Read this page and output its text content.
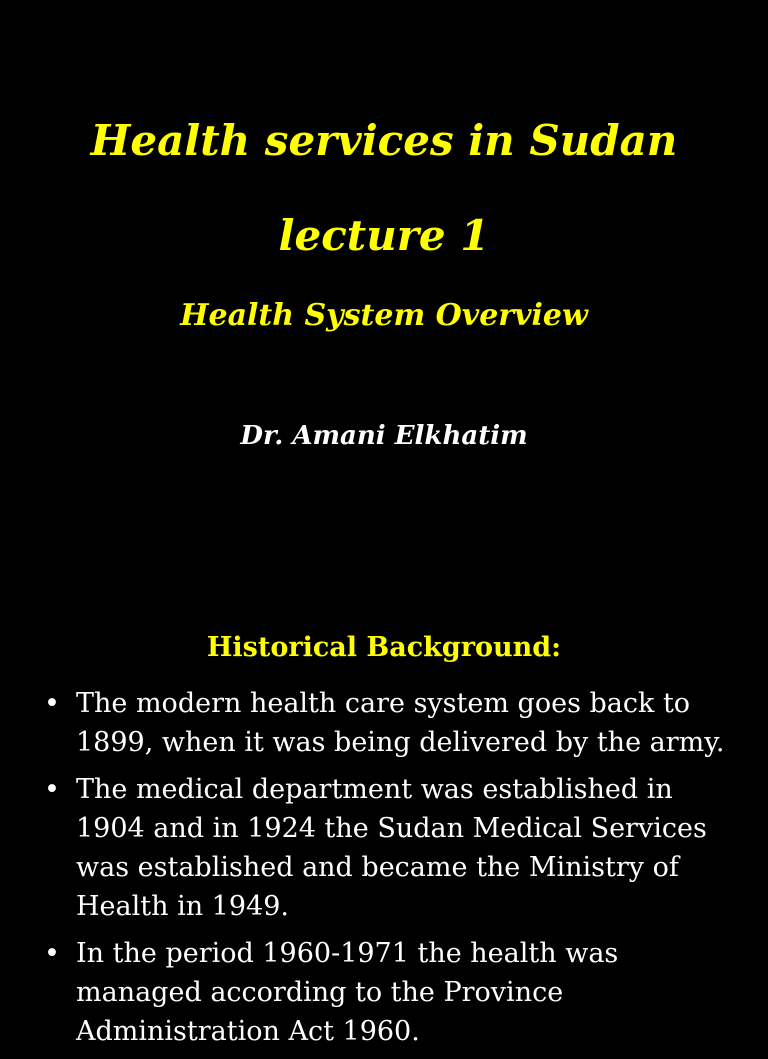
Health services in Sudan
lecture 1
Health System Overview

Dr. Amani Elkhatim

Historical Background:
• The modern health care system goes back to
1899, when it was being delivered by the army.
• The medical department was established in
1904 and in 1924 the Sudan Medical Services
was established and became the Ministry of
Health in 1949.
• In the period 1960-1971 the health was
managed according to the Province
Administration Act 1960.
